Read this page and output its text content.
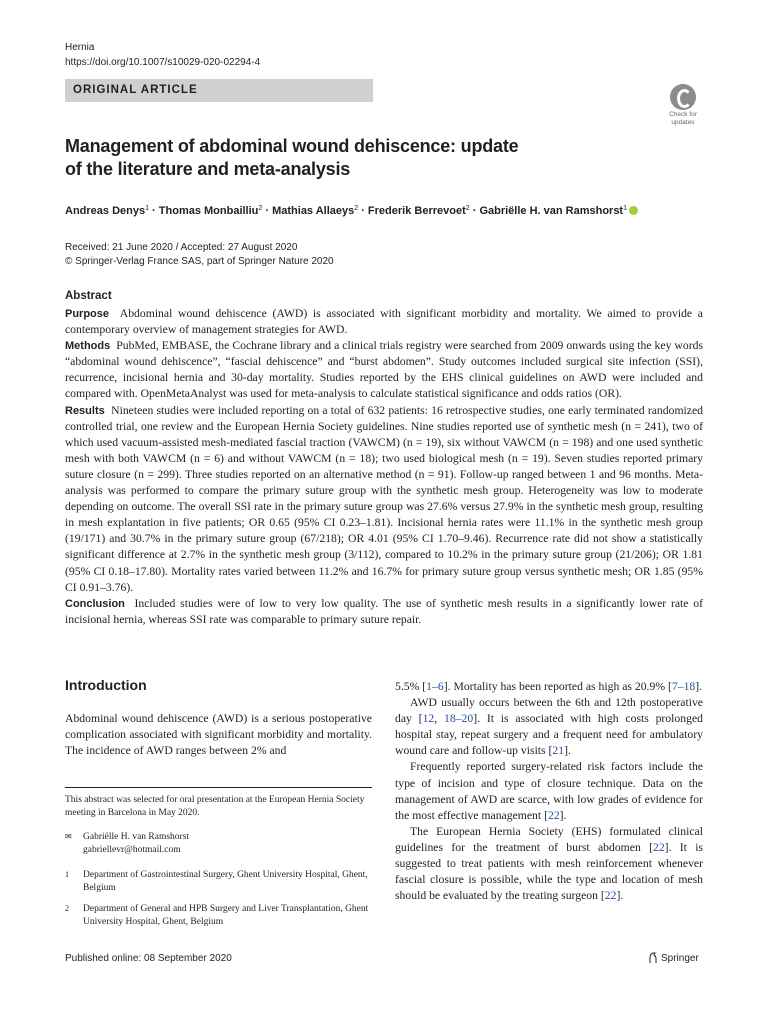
Hernia
https://doi.org/10.1007/s10029-020-02294-4
ORIGINAL ARTICLE
Check for
updates
Management of abdominal wound dehiscence: update
of the literature and meta-analysis
Andreas Denys$^1$ · Thomas Monbailliu$^2$ · Mathias Allaeys$^2$ · Frederik Berrevoet$^2$ · Gabriëlle H. van Ramshorst$^1$
Received: 21 June 2020 / Accepted: 27 August 2020
© Springer-Verlag France SAS, part of Springer Nature 2020
Abstract

Purpose Abdominal wound dehiscence (AWD) is associated with significant morbidity and mortality. We aimed to provide a contemporary overview of management strategies for AWD.

Methods PubMed, EMBASE, the Cochrane library and a clinical trials registry were searched from 2009 onwards using the key words “abdominal wound dehiscence”, “fascial dehiscence” and “burst abdomen”. Study outcomes included surgical site infection (SSI), recurrence, incisional hernia and 30-day mortality. Studies reported by the EHS clinical guidelines on AWD were included and compared with. OpenMetaAnalyst was used for meta-analysis to calculate statistical significance and odds ratios (OR).

Results Nineteen studies were included reporting on a total of 632 patients: 16 retrospective studies, one early terminated randomized controlled trial, one review and the European Hernia Society guidelines. Nine studies reported use of synthetic mesh (n = 241), two of which used vacuum-assisted mesh-mediated fascial traction (VAWCM) (n = 19), six without VAWCM (n = 198) and one used synthetic mesh with both VAWCM (n = 6) and without VAWCM (n = 18); two used biological mesh (n = 19). Seven studies reported primary suture closure (n = 299). Three studies reported on an alternative method (n = 91). Follow-up ranged between 1 and 96 months. Meta-analysis was performed to compare the primary suture group with the synthetic mesh group. Heterogeneity was low to moderate depending on outcome. The overall SSI rate in the primary suture group was 27.6% versus 27.9% in the synthetic mesh group, resulting in mesh explantation in five patients; OR 0.65 (95% CI 0.23–1.81). Incisional hernia rates were 11.1% in the synthetic mesh group (19/171) and 30.7% in the primary suture group (67/218); OR 4.01 (95% CI 1.70–9.46). Recurrence rate did not show a statistically significant difference at 2.7% in the synthetic mesh group (3/112), compared to 10.2% in the primary suture group (21/206); OR 1.81 (95% CI 0.18–17.80). Mortality rates varied between 11.2% and 16.7% for primary suture group versus synthetic mesh; OR 1.85 (95% CI 0.91–3.76).

Conclusion Included studies were of low to very low quality. The use of synthetic mesh results in a significantly lower rate of incisional hernia, whereas SSI rate was comparable to primary suture repair.

Introduction

Abdominal wound dehiscence (AWD) is a serious postoperative complication associated with significant morbidity and mortality. The incidence of AWD ranges between 2% and

This abstract was selected for oral presentation at the European Hernia Society meeting in Barcelona in May 2020.
✉	Gabriëlle H. van Ramshorst
gabriellevr@hotmail.com
1	Department of Gastrointestinal Surgery, Ghent University Hospital, Ghent, Belgium
2	Department of General and HPB Surgery and Liver Transplantation, Ghent University Hospital, Ghent, Belgium

5.5% [1–6]. Mortality has been reported as high as 20.9% [7–18].

AWD usually occurs between the 6th and 12th postoperative day [12, 18–20]. It is associated with high costs prolonged hospital stay, repeat surgery and a frequent need for ambulatory wound care and follow-up visits [21].

Frequently reported surgery-related risk factors include the type of incision and type of closure technique. Data on the management of AWD are scarce, with low grades of evidence for the most effective management [22].

The European Hernia Society (EHS) formulated clinical guidelines for the treatment of burst abdomen [22]. It is suggested to treat patients with mesh reinforcement whenever fascial closure is possible, while the type and location of mesh should be evaluated by the treating surgeon [22].

Published online: 08 September 2020	Springer
